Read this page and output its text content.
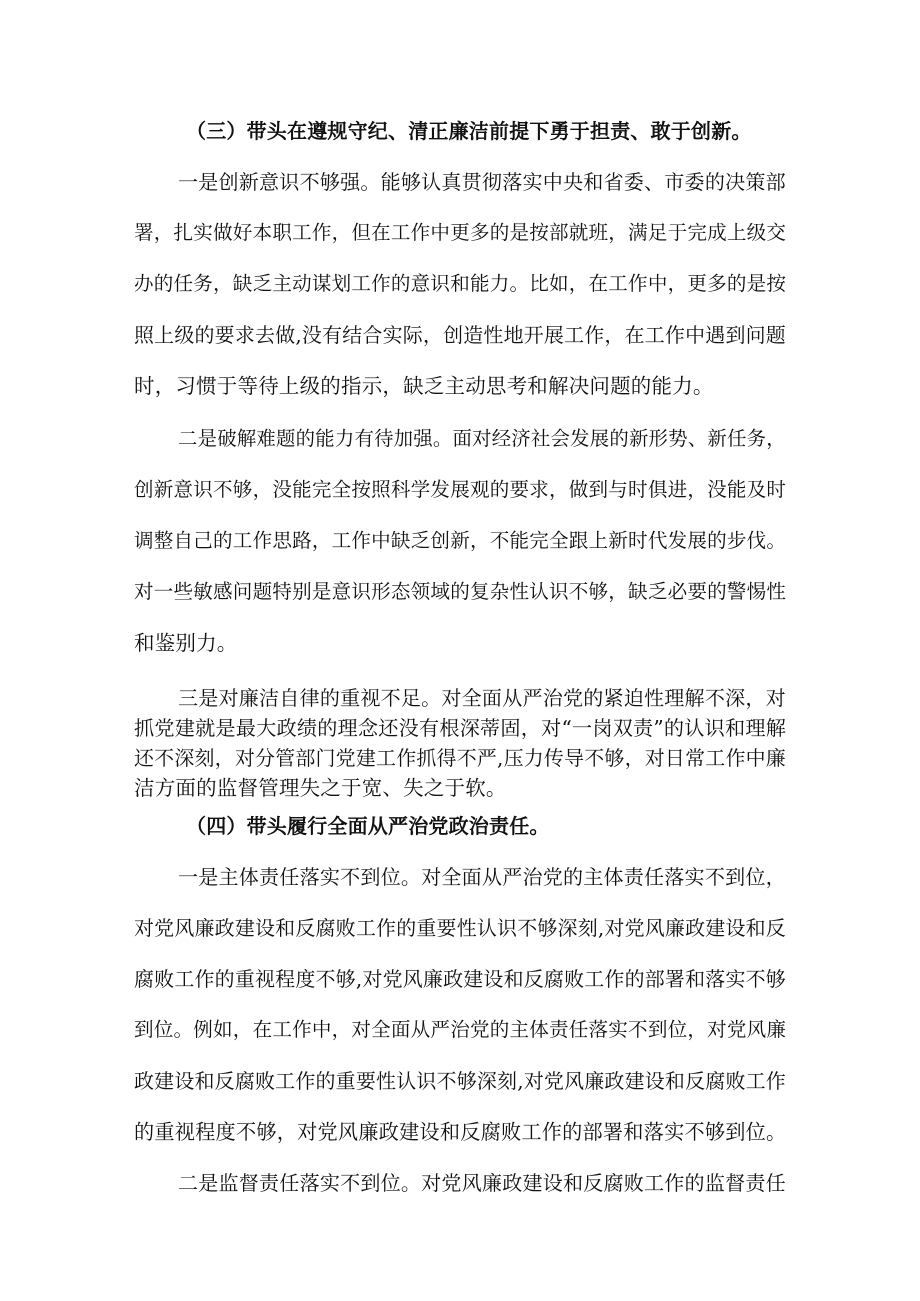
（三）带头在遵规守纪、清正廉洁前提下勇于担责、敢于创新。
一是创新意识不够强。能够认真贯彻落实中央和省委、市委的决策部
署，扎实做好本职工作，但在工作中更多的是按部就班，满足于完成上级交
办的任务，缺乏主动谋划工作的意识和能力。比如，在工作中，更多的是按
照上级的要求去做,没有结合实际，创造性地开展工作，在工作中遇到问题
时，习惯于等待上级的指示，缺乏主动思考和解决问题的能力。
二是破解难题的能力有待加强。面对经济社会发展的新形势、新任务，
创新意识不够，没能完全按照科学发展观的要求，做到与时俱进，没能及时
调整自己的工作思路，工作中缺乏创新，不能完全跟上新时代发展的步伐。
对一些敏感问题特别是意识形态领域的复杂性认识不够，缺乏必要的警惕性
和鉴别力。
三是对廉洁自律的重视不足。对全面从严治党的紧迫性理解不深，对
抓党建就是最大政绩的理念还没有根深蒂固，对“一岗双责”的认识和理解
还不深刻，对分管部门党建工作抓得不严,压力传导不够，对日常工作中廉
洁方面的监督管理失之于宽、失之于软。
（四）带头履行全面从严治党政治责任。
一是主体责任落实不到位。对全面从严治党的主体责任落实不到位，
对党风廉政建设和反腐败工作的重要性认识不够深刻,对党风廉政建设和反
腐败工作的重视程度不够,对党风廉政建设和反腐败工作的部署和落实不够
到位。例如，在工作中，对全面从严治党的主体责任落实不到位，对党风廉
政建设和反腐败工作的重要性认识不够深刻,对党风廉政建设和反腐败工作
的重视程度不够，对党风廉政建设和反腐败工作的部署和落实不够到位。
二是监督责任落实不到位。对党风廉政建设和反腐败工作的监督责任
